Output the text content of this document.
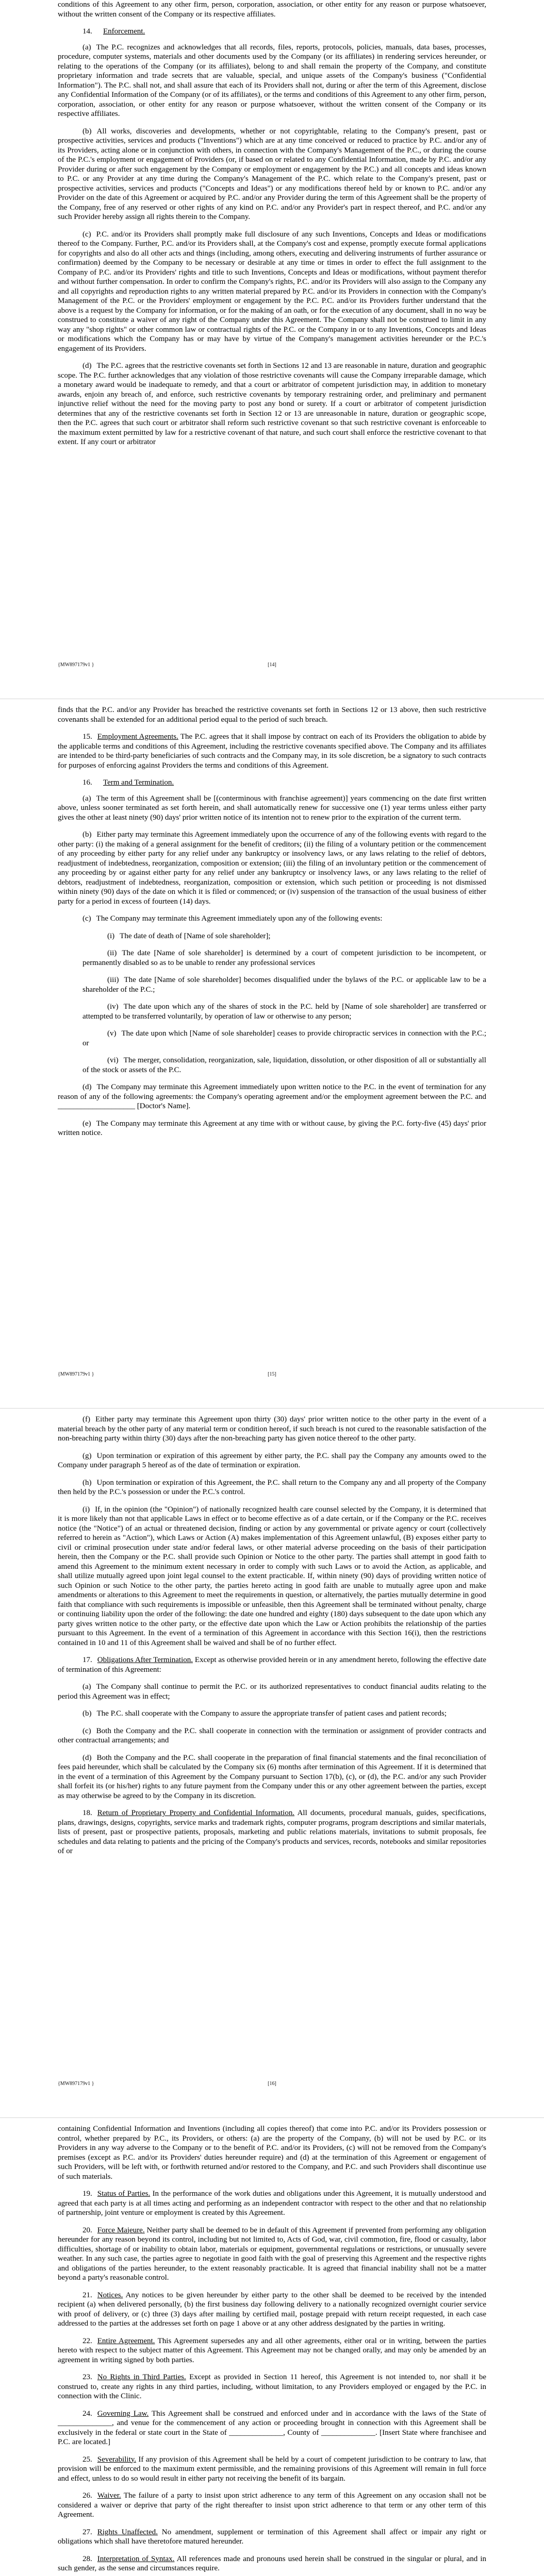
conditions of this Agreement to any other firm, person, corporation, association, or other entity for any reason or purpose whatsoever, without the written consent of the Company or its respective affiliates.

14. Enforcement.

(a) The P.C. recognizes and acknowledges that all records, files, reports, protocols, policies, manuals, data bases, processes, procedure, computer systems, materials and other documents used by the Company (or its affiliates) in rendering services hereunder, or relating to the operations of the Company (or its affiliates), belong to and shall remain the property of the Company, and constitute proprietary information and trade secrets that are valuable, special, and unique assets of the Company's business ("Confidential Information"). The P.C. shall not, and shall assure that each of its Providers shall not, during or after the term of this Agreement, disclose any Confidential Information of the Company (or of its affiliates), or the terms and conditions of this Agreement to any other firm, person, corporation, association, or other entity for any reason or purpose whatsoever, without the written consent of the Company or its respective affiliates.

(b) All works, discoveries and developments, whether or not copyrightable, relating to the Company's present, past or prospective activities, services and products ("Inventions") which are at any time conceived or reduced to practice by P.C. and/or any of its Providers, acting alone or in conjunction with others, in connection with the Company's Management of the P.C., or during the course of the P.C.'s employment or engagement of Providers (or, if based on or related to any Confidential Information, made by P.C. and/or any Provider during or after such engagement by the Company or employment or engagement by the P.C.) and all concepts and ideas known to P.C. or any Provider at any time during the Company's Management of the P.C. which relate to the Company's present, past or prospective activities, services and products ("Concepts and Ideas") or any modifications thereof held by or known to P.C. and/or any Provider on the date of this Agreement or acquired by P.C. and/or any Provider during the term of this Agreement shall be the property of the Company, free of any reserved or other rights of any kind on P.C. and/or any Provider's part in respect thereof, and P.C. and/or any such Provider hereby assign all rights therein to the Company.

(c) P.C. and/or its Providers shall promptly make full disclosure of any such Inventions, Concepts and Ideas or modifications thereof to the Company. Further, P.C. and/or its Providers shall, at the Company's cost and expense, promptly execute formal applications for copyrights and also do all other acts and things (including, among others, executing and delivering instruments of further assurance or confirmation) deemed by the Company to be necessary or desirable at any time or times in order to effect the full assignment to the Company of P.C. and/or its Providers' rights and title to such Inventions, Concepts and Ideas or modifications, without payment therefor and without further compensation. In order to confirm the Company's rights, P.C. and/or its Providers will also assign to the Company any and all copyrights and reproduction rights to any written material prepared by P.C. and/or its Providers in connection with the Company's Management of the P.C. or the Providers' employment or engagement by the P.C. P.C. and/or its Providers further understand that the above is a request by the Company for information, or for the making of an oath, or for the execution of any document, shall in no way be construed to constitute a waiver of any right of the Company under this Agreement. The Company shall not be construed to limit in any way any "shop rights" or other common law or contractual rights of the P.C. or the Company in or to any Inventions, Concepts and Ideas or modifications which the Company has or may have by virtue of the Company's management activities hereunder or the P.C.'s engagement of its Providers.

(d) The P.C. agrees that the restrictive covenants set forth in Sections 12 and 13 are reasonable in nature, duration and geographic scope. The P.C. further acknowledges that any violation of those restrictive covenants will cause the Company irreparable damage, which a monetary award would be inadequate to remedy, and that a court or arbitrator of competent jurisdiction may, in addition to monetary awards, enjoin any breach of, and enforce, such restrictive covenants by temporary restraining order, and preliminary and permanent injunctive relief without the need for the moving party to post any bond or surety. If a court or arbitrator of competent jurisdiction determines that any of the restrictive covenants set forth in Section 12 or 13 are unreasonable in nature, duration or geographic scope, then the P.C. agrees that such court or arbitrator shall reform such restrictive covenant so that such restrictive covenant is enforceable to the maximum extent permitted by law for a restrictive covenant of that nature, and such court shall enforce the restrictive covenant to that extent. If any court or arbitrator

{MW897179v1 }	[14]

finds that the P.C. and/or any Provider has breached the restrictive covenants set forth in Sections 12 or 13 above, then such restrictive covenants shall be extended for an additional period equal to the period of such breach.

15. Employment Agreements. The P.C. agrees that it shall impose by contract on each of its Providers the obligation to abide by the applicable terms and conditions of this Agreement, including the restrictive covenants specified above. The Company and its affiliates are intended to be third-party beneficiaries of such contracts and the Company may, in its sole discretion, be a signatory to such contracts for purposes of enforcing against Providers the terms and conditions of this Agreement.

16. Term and Termination.

(a) The term of this Agreement shall be [(conterminous with franchise agreement)] years commencing on the date first written above, unless sooner terminated as set forth herein, and shall automatically renew for successive one (1) year terms unless either party gives the other at least ninety (90) days' prior written notice of its intention not to renew prior to the expiration of the current term.

(b) Either party may terminate this Agreement immediately upon the occurrence of any of the following events with regard to the other party: (i) the making of a general assignment for the benefit of creditors; (ii) the filing of a voluntary petition or the commencement of any proceeding by either party for any relief under any bankruptcy or insolvency laws, or any laws relating to the relief of debtors, readjustment of indebtedness, reorganization, composition or extension; (iii) the filing of an involuntary petition or the commencement of any proceeding by or against either party for any relief under any bankruptcy or insolvency laws, or any laws relating to the relief of debtors, readjustment of indebtedness, reorganization, composition or extension, which such petition or proceeding is not dismissed within ninety (90) days of the date on which it is filed or commenced; or (iv) suspension of the transaction of the usual business of either party for a period in excess of fourteen (14) days.

(c) The Company may terminate this Agreement immediately upon any of the following events:

(i) The date of death of [Name of sole shareholder];

(ii) The date [Name of sole shareholder] is determined by a court of competent jurisdiction to be incompetent, or permanently disabled so as to be unable to render any professional services

(iii) The date [Name of sole shareholder] becomes disqualified under the bylaws of the P.C. or applicable law to be a shareholder of the P.C.;

(iv) The date upon which any of the shares of stock in the P.C. held by [Name of sole shareholder] are transferred or attempted to be transferred voluntarily, by operation of law or otherwise to any person;

(v) The date upon which [Name of sole shareholder] ceases to provide chiropractic services in connection with the P.C.; or

(vi) The merger, consolidation, reorganization, sale, liquidation, dissolution, or other disposition of all or substantially all of the stock or assets of the P.C.

(d) The Company may terminate this Agreement immediately upon written notice to the P.C. in the event of termination for any reason of any of the following agreements: the Company's operating agreement and/or the employment agreement between the P.C. and ____________________ [Doctor's Name].

(e) The Company may terminate this Agreement at any time with or without cause, by giving the P.C. forty-five (45) days' prior written notice.

{MW897179v1 }	[15]

(f) Either party may terminate this Agreement upon thirty (30) days' prior written notice to the other party in the event of a material breach by the other party of any material term or condition hereof, if such breach is not cured to the reasonable satisfaction of the non-breaching party within thirty (30) days after the non-breaching party has given notice thereof to the other party.

(g) Upon termination or expiration of this agreement by either party, the P.C. shall pay the Company any amounts owed to the Company under paragraph 5 hereof as of the date of termination or expiration.

(h) Upon termination or expiration of this Agreement, the P.C. shall return to the Company any and all property of the Company then held by the P.C.'s possession or under the P.C.'s control.

(i) If, in the opinion (the "Opinion") of nationally recognized health care counsel selected by the Company, it is determined that it is more likely than not that applicable Laws in effect or to become effective as of a date certain, or if the Company or the P.C. receives notice (the "Notice") of an actual or threatened decision, finding or action by any governmental or private agency or court (collectively referred to herein as "Action"), which Laws or Action (A) makes implementation of this Agreement unlawful, (B) exposes either party to civil or criminal prosecution under state and/or federal laws, or other material adverse proceeding on the basis of their participation herein, then the Company or the P.C. shall provide such Opinion or Notice to the other party. The parties shall attempt in good faith to amend this Agreement to the minimum extent necessary in order to comply with such Laws or to avoid the Action, as applicable, and shall utilize mutually agreed upon joint legal counsel to the extent practicable. If, within ninety (90) days of providing written notice of such Opinion or such Notice to the other party, the parties hereto acting in good faith are unable to mutually agree upon and make amendments or alterations to this Agreement to meet the requirements in question, or alternatively, the parties mutually determine in good faith that compliance with such requirements is impossible or unfeasible, then this Agreement shall be terminated without penalty, charge or continuing liability upon the order of the following: the date one hundred and eighty (180) days subsequent to the date upon which any party gives written notice to the other party, or the effective date upon which the Law or Action prohibits the relationship of the parties pursuant to this Agreement. In the event of a termination of this Agreement in accordance with this Section 16(i), then the restrictions contained in 10 and 11 of this Agreement shall be waived and shall be of no further effect.

17. Obligations After Termination. Except as otherwise provided herein or in any amendment hereto, following the effective date of termination of this Agreement:

(a) The Company shall continue to permit the P.C. or its authorized representatives to conduct financial audits relating to the period this Agreement was in effect;

(b) The P.C. shall cooperate with the Company to assure the appropriate transfer of patient cases and patient records;

(c) Both the Company and the P.C. shall cooperate in connection with the termination or assignment of provider contracts and other contractual arrangements; and

(d) Both the Company and the P.C. shall cooperate in the preparation of final financial statements and the final reconciliation of fees paid hereunder, which shall be calculated by the Company six (6) months after termination of this Agreement. If it is determined that in the event of a termination of this Agreement by the Company pursuant to Section 17(b), (c), or (d), the P.C. and/or any such Provider shall forfeit its (or his/her) rights to any future payment from the Company under this or any other agreement between the parties, except as may otherwise be agreed to by the Company in its discretion.

18. Return of Proprietary Property and Confidential Information. All documents, procedural manuals, guides, specifications, plans, drawings, designs, copyrights, service marks and trademark rights, computer programs, program descriptions and similar materials, lists of present, past or prospective patients, proposals, marketing and public relations materials, invitations to submit proposals, fee schedules and data relating to patients and the pricing of the Company's products and services, records, notebooks and similar repositories of or

{MW897179v1 }	[16]

containing Confidential Information and Inventions (including all copies thereof) that come into P.C. and/or its Providers possession or control, whether prepared by P.C., its Providers, or others: (a) are the property of the Company, (b) will not be used by P.C. or its Providers in any way adverse to the Company or to the benefit of P.C. and/or its Providers, (c) will not be removed from the Company's premises (except as P.C. and/or its Providers' duties hereunder require) and (d) at the termination of this Agreement or engagement of such Providers, will be left with, or forthwith returned and/or restored to the Company, and P.C. and such Providers shall discontinue use of such materials.

19. Status of Parties. In the performance of the work duties and obligations under this Agreement, it is mutually understood and agreed that each party is at all times acting and performing as an independent contractor with respect to the other and that no relationship of partnership, joint venture or employment is created by this Agreement.

20. Force Majeure. Neither party shall be deemed to be in default of this Agreement if prevented from performing any obligation hereunder for any reason beyond its control, including but not limited to, Acts of God, war, civil commotion, fire, flood or casualty, labor difficulties, shortage of or inability to obtain labor, materials or equipment, governmental regulations or restrictions, or unusually severe weather. In any such case, the parties agree to negotiate in good faith with the goal of preserving this Agreement and the respective rights and obligations of the parties hereunder, to the extent reasonably practicable. It is agreed that financial inability shall not be a matter beyond a party's reasonable control.

21. Notices. Any notices to be given hereunder by either party to the other shall be deemed to be received by the intended recipient (a) when delivered personally, (b) the first business day following delivery to a nationally recognized overnight courier service with proof of delivery, or (c) three (3) days after mailing by certified mail, postage prepaid with return receipt requested, in each case addressed to the parties at the addresses set forth on page 1 above or at any other address designated by the parties in writing.

22. Entire Agreement. This Agreement supersedes any and all other agreements, either oral or in writing, between the parties hereto with respect to the subject matter of this Agreement. This Agreement may not be changed orally, and may only be amended by an agreement in writing signed by both parties.

23. No Rights in Third Parties. Except as provided in Section 11 hereof, this Agreement is not intended to, nor shall it be construed to, create any rights in any third parties, including, without limitation, to any Providers employed or engaged by the P.C. in connection with the Clinic.

24. Governing Law. This Agreement shall be construed and enforced under and in accordance with the laws of the State of ______________, and venue for the commencement of any action or proceeding brought in connection with this Agreement shall be exclusively in the federal or state court in the State of ______________, County of ______________. [Insert State where franchisee and P.C. are located.]

25. Severability. If any provision of this Agreement shall be held by a court of competent jurisdiction to be contrary to law, that provision will be enforced to the maximum extent permissible, and the remaining provisions of this Agreement will remain in full force and effect, unless to do so would result in either party not receiving the benefit of its bargain.

26. Waiver. The failure of a party to insist upon strict adherence to any term of this Agreement on any occasion shall not be considered a waiver or deprive that party of the right thereafter to insist upon strict adherence to that term or any other term of this Agreement.

27. Rights Unaffected. No amendment, supplement or termination of this Agreement shall affect or impair any right or obligations which shall have theretofore matured hereunder.

28. Interpretation of Syntax. All references made and pronouns used herein shall be construed in the singular or plural, and in such gender, as the sense and circumstances require.
